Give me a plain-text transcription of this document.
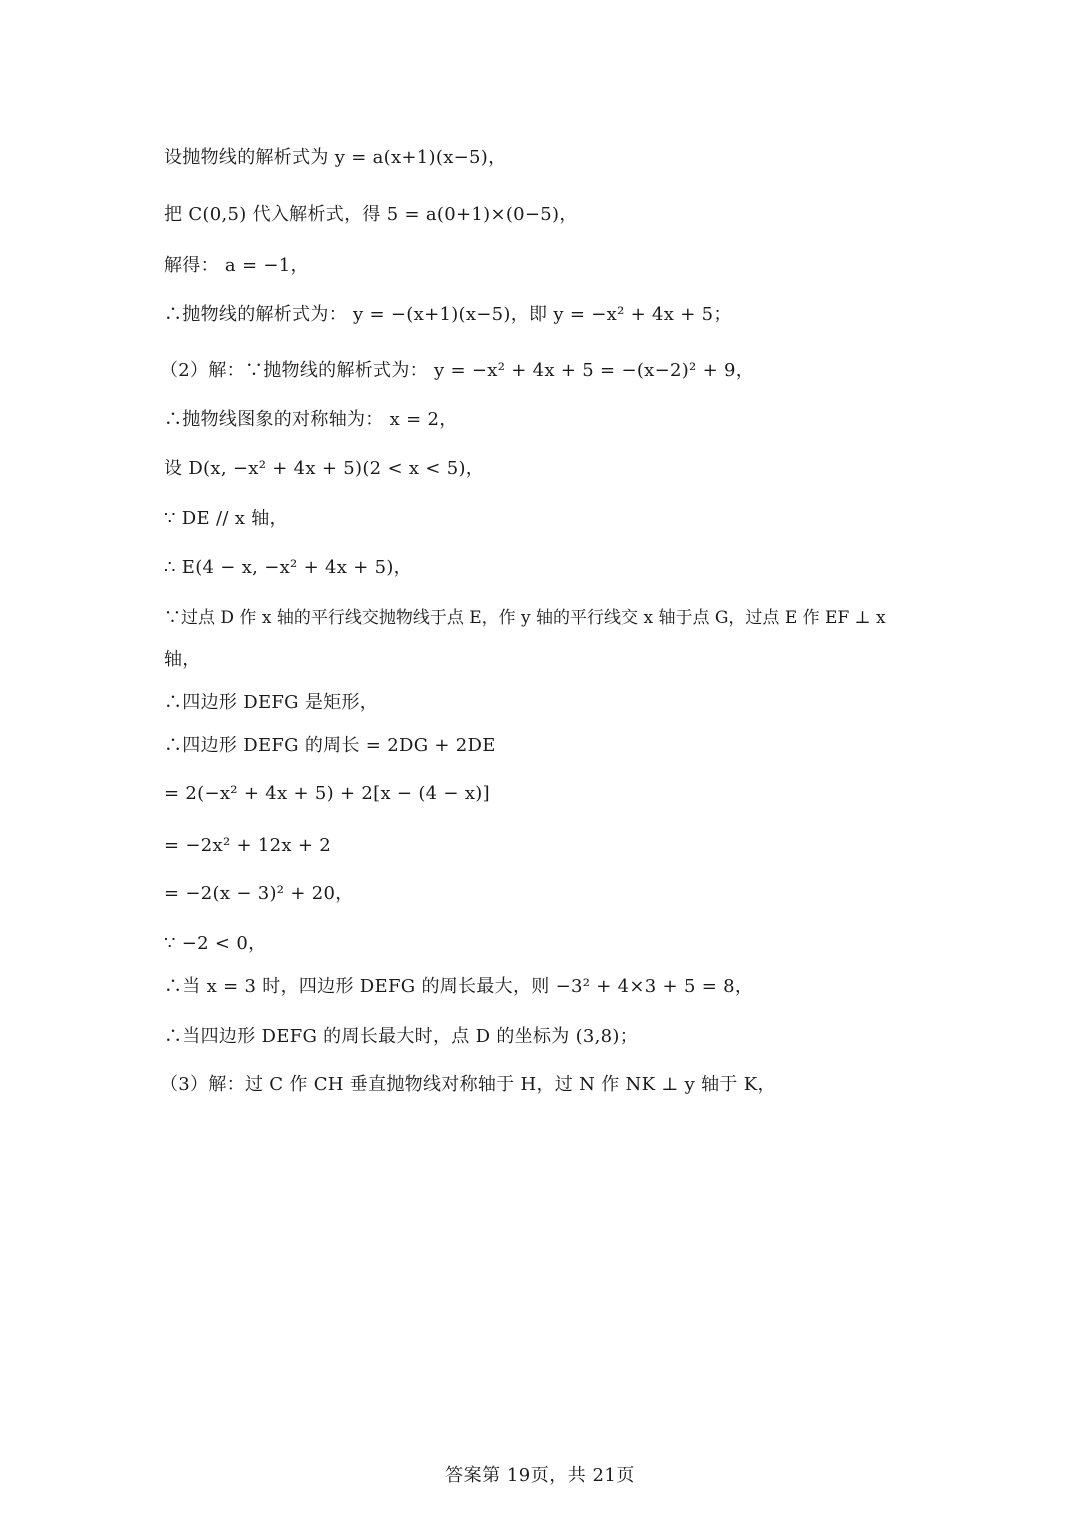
设抛物线的解析式为 y = a(x+1)(x−5)，
把 C(0,5) 代入解析式，得 5 = a(0+1)×(0−5)，
解得： a = −1，
∴抛物线的解析式为： y = −(x+1)(x−5)，即 y = −x² + 4x + 5；
（2）解：∵抛物线的解析式为： y = −x² + 4x + 5 = −(x−2)² + 9，
∴抛物线图象的对称轴为： x = 2，
设 D(x, −x² + 4x + 5)(2 < x < 5)，
∵ DE // x 轴，
∴ E(4 − x, −x² + 4x + 5)，
∵过点 D 作 x 轴的平行线交抛物线于点 E，作 y 轴的平行线交 x 轴于点 G，过点 E 作 EF ⊥ x
轴，
∴四边形 DEFG 是矩形，
∴四边形 DEFG 的周长 = 2DG + 2DE
= 2(−x² + 4x + 5) + 2[x − (4 − x)]
= −2x² + 12x + 2
= −2(x − 3)² + 20，
∵ −2 < 0，
∴当 x = 3 时，四边形 DEFG 的周长最大，则 −3² + 4×3 + 5 = 8，
∴当四边形 DEFG 的周长最大时，点 D 的坐标为 (3,8)；
（3）解：过 C 作 CH 垂直抛物线对称轴于 H，过 N 作 NK ⊥ y 轴于 K，
答案第 19页，共 21页
